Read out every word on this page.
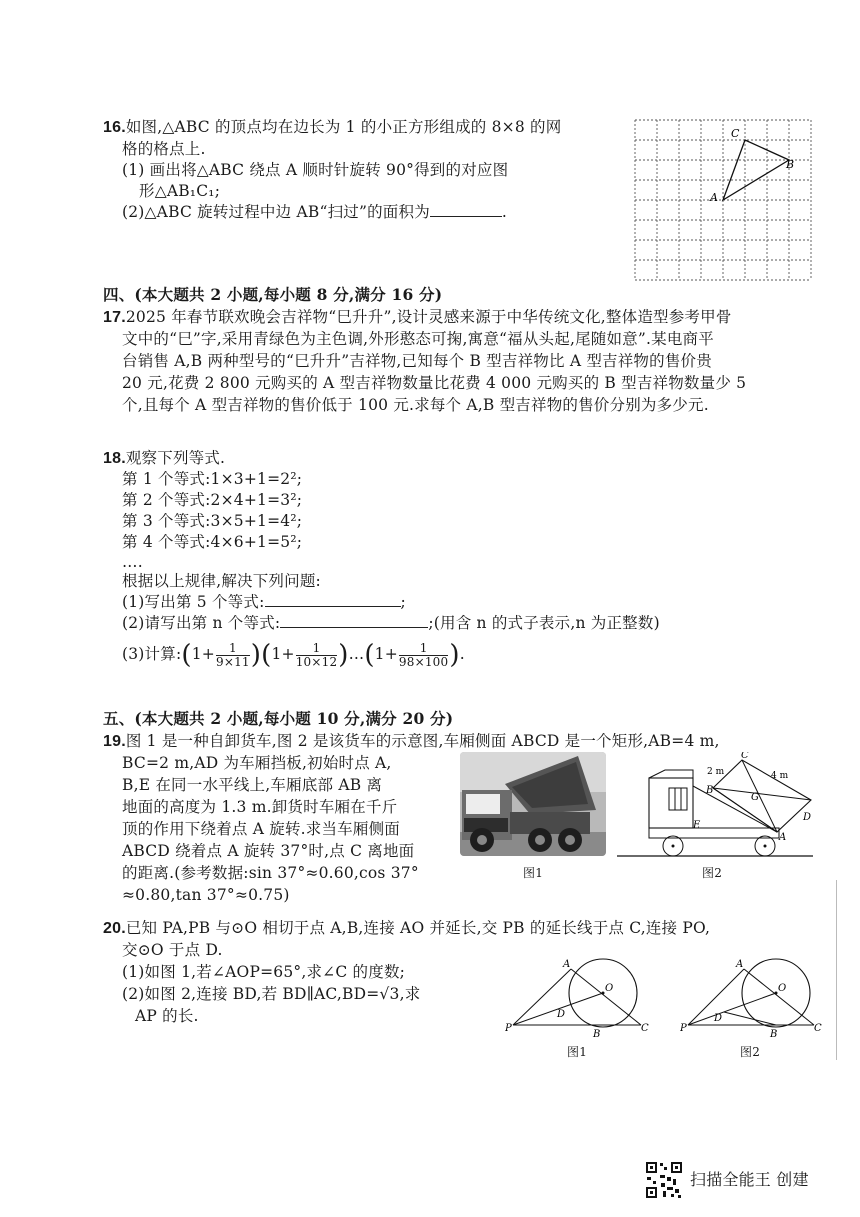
16.如图,△ABC 的顶点均在边长为 1 的小正方形组成的 8×8 的网
格的格点上.
(1) 画出将△ABC 绕点 A 顺时针旋转 90°得到的对应图
形△AB₁C₁;
(2)△ABC 旋转过程中边 AB“扫过”的面积为	.
C
B
A
四、(本大题共 2 小题,每小题 8 分,满分 16 分)
17.2025 年春节联欢晚会吉祥物“巳升升”,设计灵感来源于中华传统文化,整体造型参考甲骨
文中的“巳”字,采用青绿色为主色调,外形憨态可掬,寓意“福从头起,尾随如意”.某电商平
台销售 A,B 两种型号的“巳升升”吉祥物,已知每个 B 型吉祥物比 A 型吉祥物的售价贵
20 元,花费 2 800 元购买的 A 型吉祥物数量比花费 4 000 元购买的 B 型吉祥物数量少 5
个,且每个 A 型吉祥物的售价低于 100 元.求每个 A,B 型吉祥物的售价分别为多少元.
18.观察下列等式.
第 1 个等式:1×3+1=2²;
第 2 个等式:2×4+1=3²;
第 3 个等式:3×5+1=4²;
第 4 个等式:4×6+1=5²;
….
根据以上规律,解决下列问题:
(1)写出第 5 个等式:	;
(2)请写出第 n 个等式:	;(用含 n 的式子表示,n 为正整数)
(3)计算:(1+ $\frac{1}{9\times 11} )(1+ \frac{1}{10\times 12}$ )…(1+ $\frac{1}{98\times 100}$ ).
五、(本大题共 2 小题,每小题 10 分,满分 20 分)
19.图 1 是一种自卸货车,图 2 是该货车的示意图,车厢侧面 ABCD 是一个矩形,AB=4 m,
BC=2 m,AD 为车厢挡板,初始时点 A,
B,E 在同一水平线上,车厢底部 AB 离
地面的高度为 1.3 m.卸货时车厢在千斤
顶的作用下绕着点 A 旋转.求当车厢侧面
ABCD 绕着点 A 旋转 37°时,点 C 离地面
的距离.(参考数据:sin 37°≈0.60,cos 37°
≈0.80,tan 37°≈0.75)
图1
C
B
G
D
E
A
2 m	4 m
图2
20.已知 PA,PB 与⊙O 相切于点 A,B,连接 AO 并延长,交 PB 的延长线于点 C,连接 PO,
交⊙O 于点 D.
(1)如图 1,若∠AOP=65°,求∠C 的度数;
(2)如图 2,连接 BD,若 BD∥AC,BD=√3,求
AP 的长.
A
O
D
P
B
C
图1
A
O
D
P
B
C
图2
扫描全能王 创建
